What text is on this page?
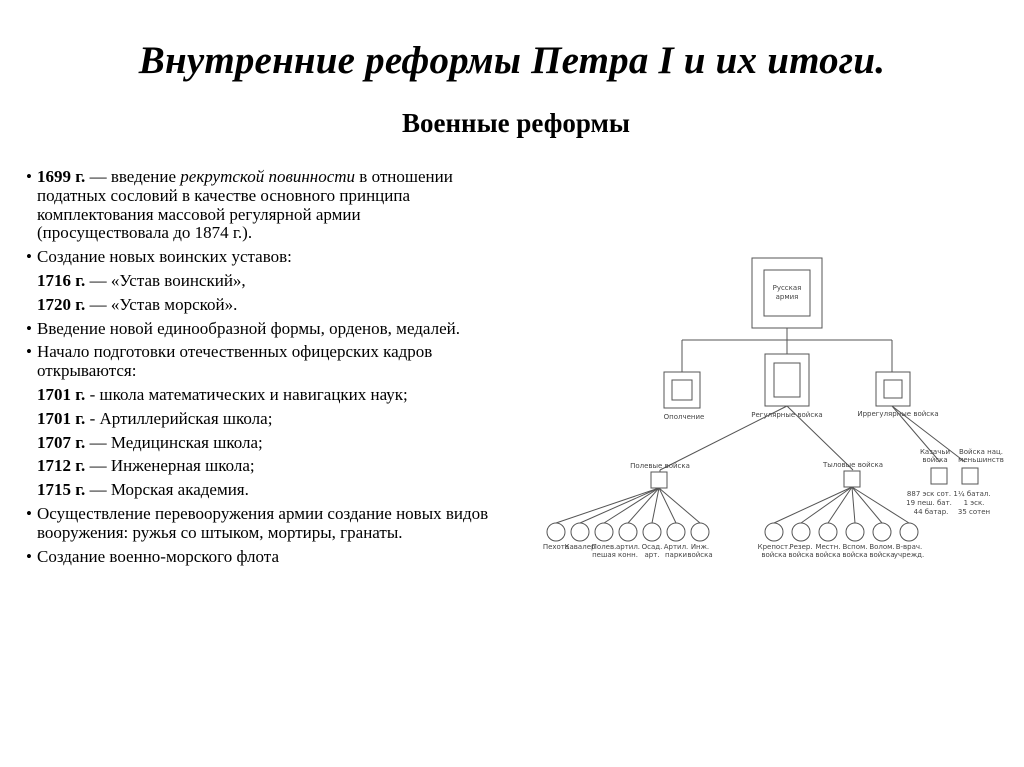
Внутренние реформы Петра I и их итоги.
Военные реформы
• 1699 г. — введение рекрутской повинности в отношении податных сословий в качестве основного принципа комплектования массовой регулярной армии (просуществовала до 1874 г.).
• Создание новых воинских уставов:
1716 г. — «Устав воинский»,
1720 г. — «Устав морской».
• Введение новой единообразной формы, орденов, медалей.
• Начало подготовки отечественных офицерских кадров открываются:
1701 г. - школа математических и навигацких наук;
1701 г. - Артиллерийская школа;
1707 г. — Медицинская школа;
1712 г. — Инженерная школа;
1715 г. — Морская академия.
• Осуществление перевооружения армии создание новых видов вооружения: ружья со штыком, мортиры, гранаты.
• Создание военно-морского флота
Русская
армия
Ополчение	Регулярные войска	Иррегулярные войска
Полевые войска	Тыловые войска
Казачьи
войска
Войска нац.
меньшинств
887 эск сот.
19 пеш. бат.
44 батар.
1¼ батал.
1 эск.
35 сотен
Пехота
Кавалер
Полев.
пешая
артил.
конн.
Осад.
арт.
Артил.
парки
Инж.
войска
Крепост.
войска
Резер.
войска
Местн.
войска
Вспом.
войска
Волом.
войска
В-врач.
учрежд.
